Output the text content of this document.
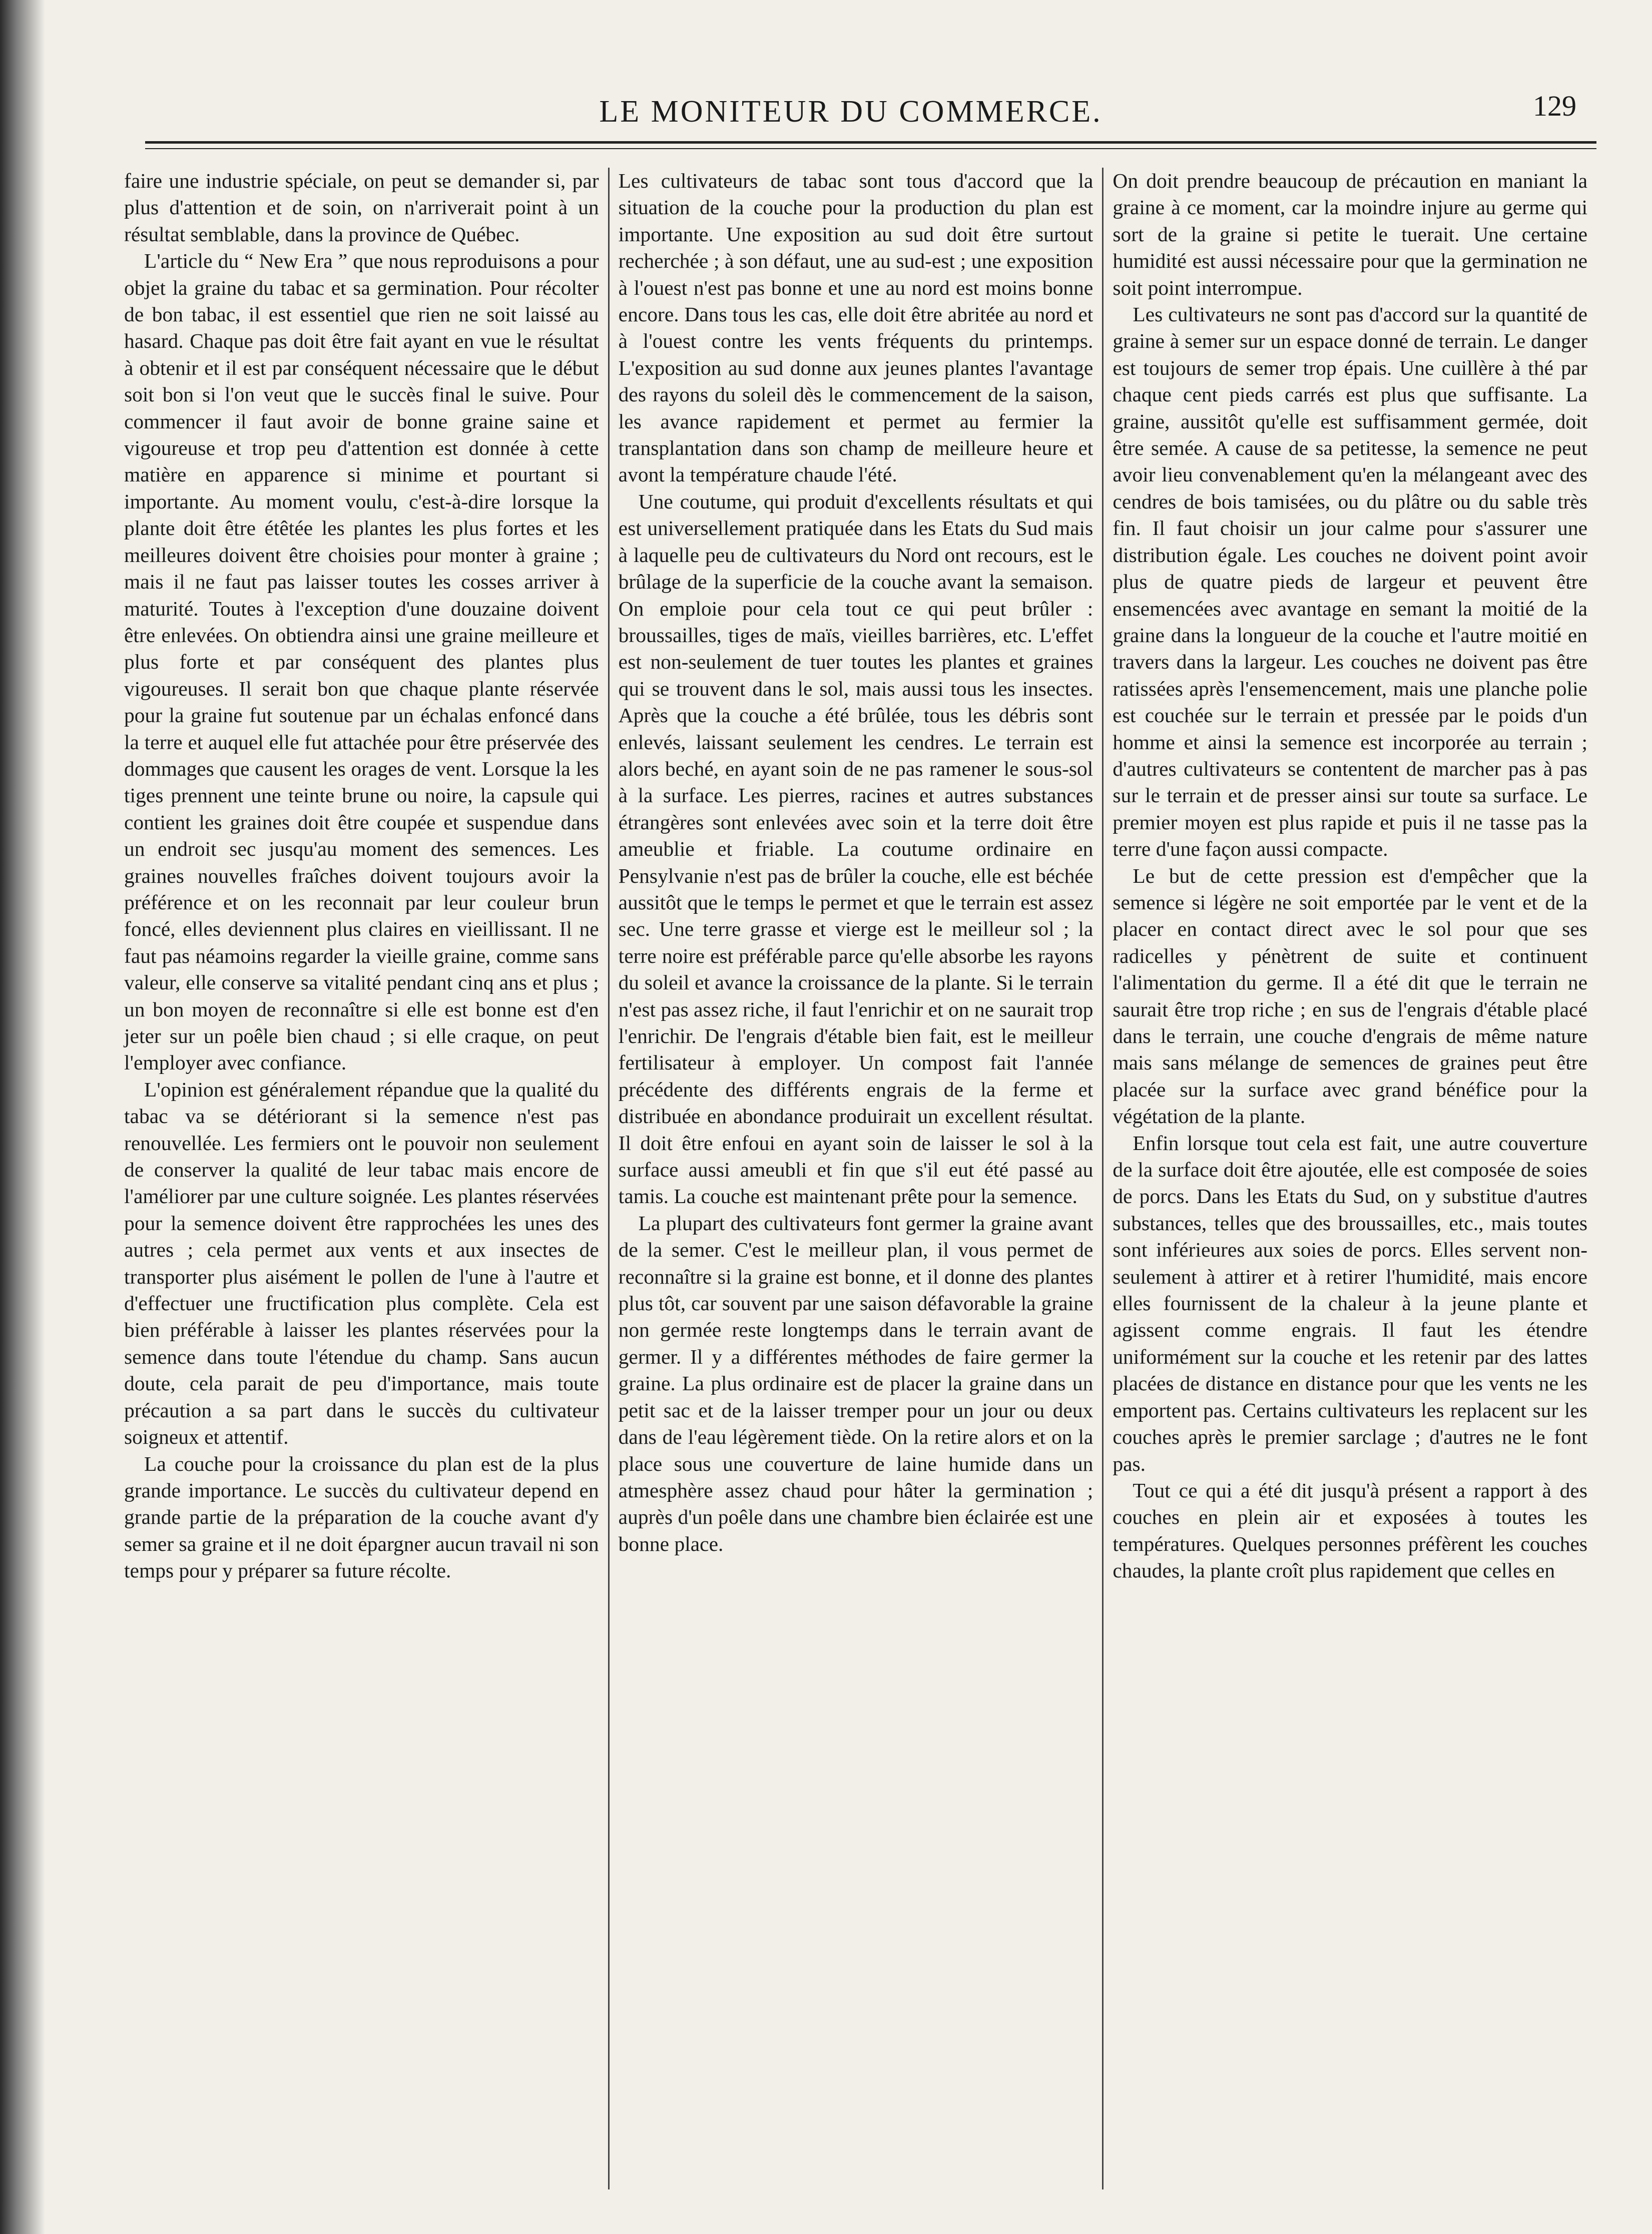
LE MONITEUR DU COMMERCE.	129

faire une industrie spéciale, on peut se demander si, par plus d'attention et de soin, on n'arriverait point à un résultat semblable, dans la province de Québec.

L'article du “ New Era ” que nous reproduisons a pour objet la graine du tabac et sa germination. Pour récolter de bon tabac, il est essentiel que rien ne soit laissé au hasard. Chaque pas doit être fait ayant en vue le résultat à obtenir et il est par conséquent nécessaire que le début soit bon si l'on veut que le succès final le suive. Pour commencer il faut avoir de bonne graine saine et vigoureuse et trop peu d'attention est donnée à cette matière en apparence si minime et pourtant si importante. Au moment voulu, c'est-à-dire lorsque la plante doit être étêtée les plantes les plus fortes et les meilleures doivent être choisies pour monter à graine ; mais il ne faut pas laisser toutes les cosses arriver à maturité. Toutes à l'exception d'une douzaine doivent être enlevées. On obtiendra ainsi une graine meilleure et plus forte et par conséquent des plantes plus vigoureuses. Il serait bon que chaque plante réservée pour la graine fut soutenue par un échalas enfoncé dans la terre et auquel elle fut attachée pour être préservée des dommages que causent les orages de vent. Lorsque la les tiges prennent une teinte brune ou noire, la capsule qui contient les graines doit être coupée et suspendue dans un endroit sec jusqu'au moment des semences. Les graines nouvelles fraîches doivent toujours avoir la préférence et on les reconnait par leur couleur brun foncé, elles deviennent plus claires en vieillissant. Il ne faut pas néamoins regarder la vieille graine, comme sans valeur, elle conserve sa vitalité pendant cinq ans et plus ; un bon moyen de reconnaître si elle est bonne est d'en jeter sur un poêle bien chaud ; si elle craque, on peut l'employer avec confiance.

L'opinion est généralement répandue que la qualité du tabac va se détériorant si la semence n'est pas renouvellée. Les fermiers ont le pouvoir non seulement de conserver la qualité de leur tabac mais encore de l'améliorer par une culture soignée. Les plantes réservées pour la semence doivent être rapprochées les unes des autres ; cela permet aux vents et aux insectes de transporter plus aisément le pollen de l'une à l'autre et d'effectuer une fructification plus complète. Cela est bien préférable à laisser les plantes réservées pour la semence dans toute l'étendue du champ. Sans aucun doute, cela parait de peu d'importance, mais toute précaution a sa part dans le succès du cultivateur soigneux et attentif.

La couche pour la croissance du plan est de la plus grande importance. Le succès du cultivateur depend en grande partie de la préparation de la couche avant d'y semer sa graine et il ne doit épargner aucun travail ni son temps pour y préparer sa future récolte.

Les cultivateurs de tabac sont tous d'accord que la situation de la couche pour la production du plan est importante. Une exposition au sud doit être surtout recherchée ; à son défaut, une au sud-est ; une exposition à l'ouest n'est pas bonne et une au nord est moins bonne encore. Dans tous les cas, elle doit être abritée au nord et à l'ouest contre les vents fréquents du printemps. L'exposition au sud donne aux jeunes plantes l'avantage des rayons du soleil dès le commencement de la saison, les avance rapidement et permet au fermier la transplantation dans son champ de meilleure heure et avont la température chaude l'été.

Une coutume, qui produit d'excellents résultats et qui est universellement pratiquée dans les Etats du Sud mais à laquelle peu de cultivateurs du Nord ont recours, est le brûlage de la superficie de la couche avant la semaison. On emploie pour cela tout ce qui peut brûler : broussailles, tiges de maïs, vieilles barrières, etc. L'effet est non-seulement de tuer toutes les plantes et graines qui se trouvent dans le sol, mais aussi tous les insectes. Après que la couche a été brûlée, tous les débris sont enlevés, laissant seulement les cendres. Le terrain est alors beché, en ayant soin de ne pas ramener le sous-sol à la surface. Les pierres, racines et autres substances étrangères sont enlevées avec soin et la terre doit être ameublie et friable. La coutume ordinaire en Pensylvanie n'est pas de brûler la couche, elle est béchée aussitôt que le temps le permet et que le terrain est assez sec. Une terre grasse et vierge est le meilleur sol ; la terre noire est préférable parce qu'elle absorbe les rayons du soleil et avance la croissance de la plante. Si le terrain n'est pas assez riche, il faut l'enrichir et on ne saurait trop l'enrichir. De l'engrais d'étable bien fait, est le meilleur fertilisateur à employer. Un compost fait l'année précédente des différents engrais de la ferme et distribuée en abondance produirait un excellent résultat. Il doit être enfoui en ayant soin de laisser le sol à la surface aussi ameubli et fin que s'il eut été passé au tamis. La couche est maintenant prête pour la semence.

La plupart des cultivateurs font germer la graine avant de la semer. C'est le meilleur plan, il vous permet de reconnaître si la graine est bonne, et il donne des plantes plus tôt, car souvent par une saison défavorable la graine non germée reste longtemps dans le terrain avant de germer. Il y a différentes méthodes de faire germer la graine. La plus ordinaire est de placer la graine dans un petit sac et de la laisser tremper pour un jour ou deux dans de l'eau légèrement tiède. On la retire alors et on la place sous une couverture de laine humide dans un atmesphère assez chaud pour hâter la germination ; auprès d'un poêle dans une chambre bien éclairée est une bonne place.

On doit prendre beaucoup de précaution en maniant la graine à ce moment, car la moindre injure au germe qui sort de la graine si petite le tuerait. Une certaine humidité est aussi nécessaire pour que la germination ne soit point interrompue.

Les cultivateurs ne sont pas d'accord sur la quantité de graine à semer sur un espace donné de terrain. Le danger est toujours de semer trop épais. Une cuillère à thé par chaque cent pieds carrés est plus que suffisante. La graine, aussitôt qu'elle est suffisamment germée, doit être semée. A cause de sa petitesse, la semence ne peut avoir lieu convenablement qu'en la mélangeant avec des cendres de bois tamisées, ou du plâtre ou du sable très fin. Il faut choisir un jour calme pour s'assurer une distribution égale. Les couches ne doivent point avoir plus de quatre pieds de largeur et peuvent être ensemencées avec avantage en semant la moitié de la graine dans la longueur de la couche et l'autre moitié en travers dans la largeur. Les couches ne doivent pas être ratissées après l'ensemencement, mais une planche polie est couchée sur le terrain et pressée par le poids d'un homme et ainsi la semence est incorporée au terrain ; d'autres cultivateurs se contentent de marcher pas à pas sur le terrain et de presser ainsi sur toute sa surface. Le premier moyen est plus rapide et puis il ne tasse pas la terre d'une façon aussi compacte.

Le but de cette pression est d'empêcher que la semence si légère ne soit emportée par le vent et de la placer en contact direct avec le sol pour que ses radicelles y pénètrent de suite et continuent l'alimentation du germe. Il a été dit que le terrain ne saurait être trop riche ; en sus de l'engrais d'étable placé dans le terrain, une couche d'engrais de même nature mais sans mélange de semences de graines peut être placée sur la surface avec grand bénéfice pour la végétation de la plante.

Enfin lorsque tout cela est fait, une autre couverture de la surface doit être ajoutée, elle est composée de soies de porcs. Dans les Etats du Sud, on y substitue d'autres substances, telles que des broussailles, etc., mais toutes sont inférieures aux soies de porcs. Elles servent non-seulement à attirer et à retirer l'humidité, mais encore elles fournissent de la chaleur à la jeune plante et agissent comme engrais. Il faut les étendre uniformément sur la couche et les retenir par des lattes placées de distance en distance pour que les vents ne les emportent pas. Certains cultivateurs les replacent sur les couches après le premier sarclage ; d'autres ne le font pas.

Tout ce qui a été dit jusqu'à présent a rapport à des couches en plein air et exposées à toutes les températures. Quelques personnes préfèrent les couches chaudes, la plante croît plus rapidement que celles en
